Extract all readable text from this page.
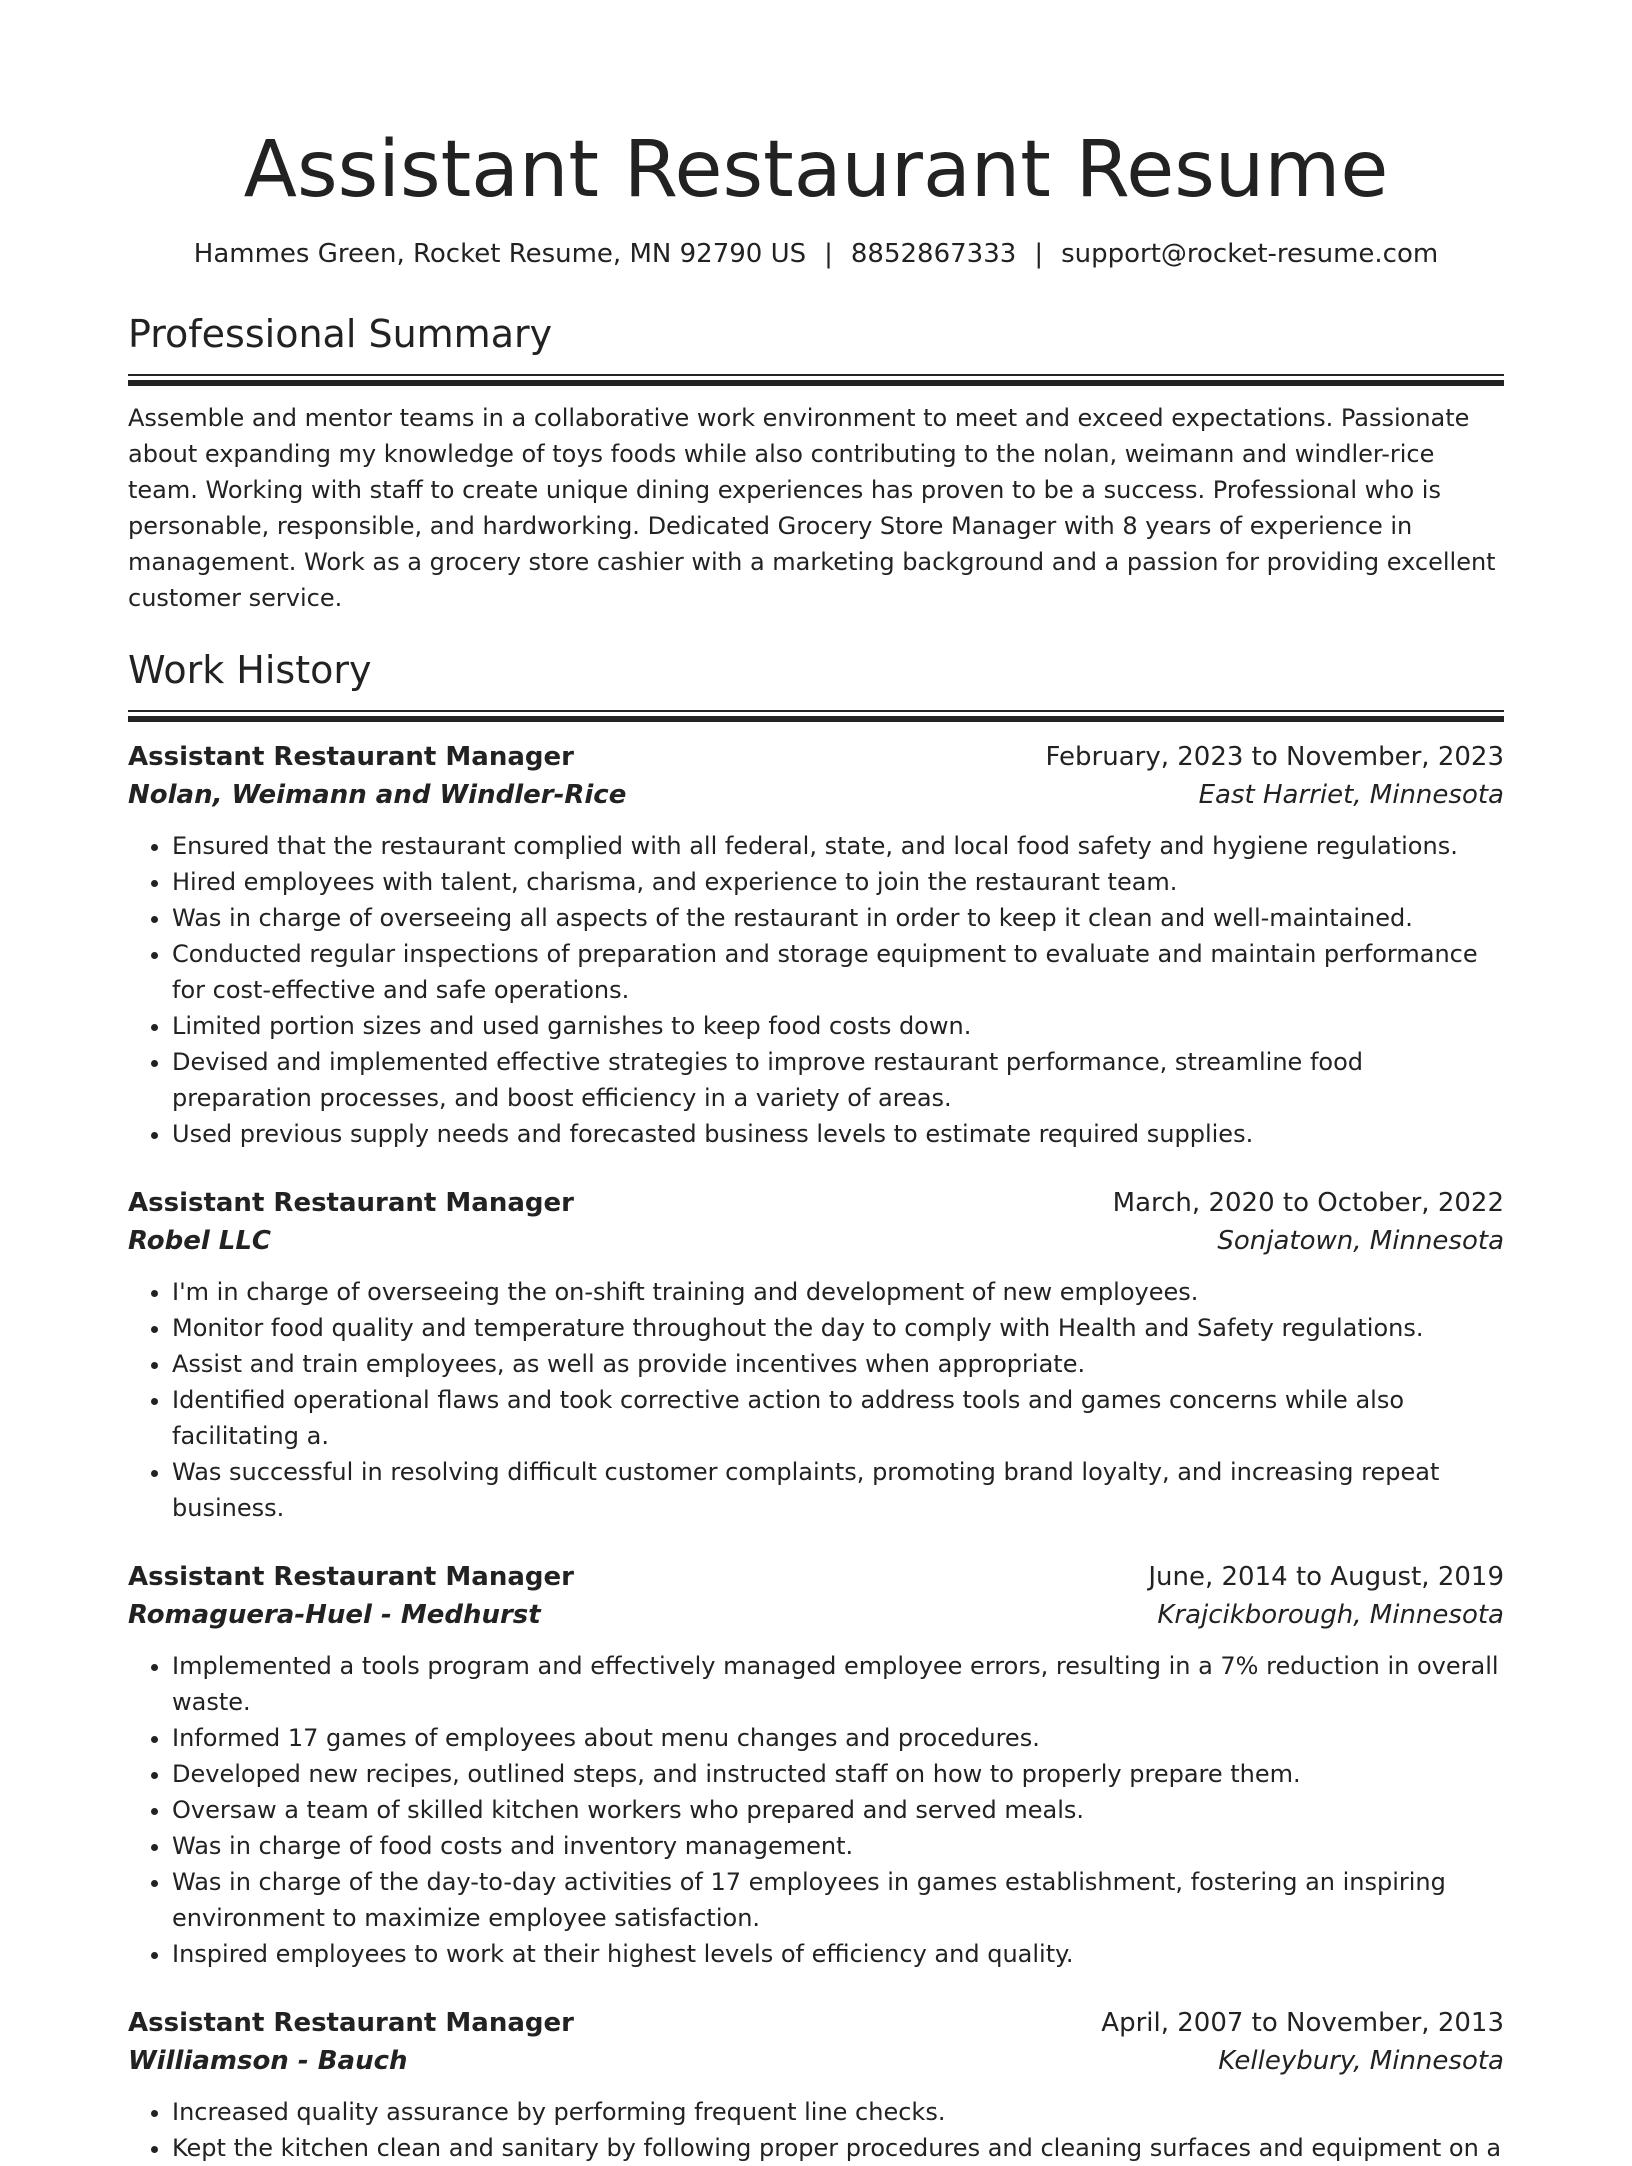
Assistant Restaurant Resume
Hammes Green, Rocket Resume, MN 92790 US | 8852867333 | support@rocket-resume.com
Professional Summary

Assemble and mentor teams in a collaborative work environment to meet and exceed expectations. Passionate about expanding my knowledge of toys foods while also contributing to the nolan, weimann and windler-rice team. Working with staff to create unique dining experiences has proven to be a success. Professional who is personable, responsible, and hardworking. Dedicated Grocery Store Manager with 8 years of experience in management. Work as a grocery store cashier with a marketing background and a passion for providing excellent customer service.

Work History
Assistant Restaurant Manager	February, 2023 to November, 2023
Nolan, Weimann and Windler-Rice	East Harriet, Minnesota
• Ensured that the restaurant complied with all federal, state, and local food safety and hygiene regulations.
• Hired employees with talent, charisma, and experience to join the restaurant team.
• Was in charge of overseeing all aspects of the restaurant in order to keep it clean and well-maintained.
• Conducted regular inspections of preparation and storage equipment to evaluate and maintain performance for cost-effective and safe operations.
• Limited portion sizes and used garnishes to keep food costs down.
• Devised and implemented effective strategies to improve restaurant performance, streamline food preparation processes, and boost efficiency in a variety of areas.
• Used previous supply needs and forecasted business levels to estimate required supplies.
Assistant Restaurant Manager	March, 2020 to October, 2022
Robel LLC	Sonjatown, Minnesota
• I'm in charge of overseeing the on-shift training and development of new employees.
• Monitor food quality and temperature throughout the day to comply with Health and Safety regulations.
• Assist and train employees, as well as provide incentives when appropriate.
• Identified operational flaws and took corrective action to address tools and games concerns while also facilitating a.
• Was successful in resolving difficult customer complaints, promoting brand loyalty, and increasing repeat business.
Assistant Restaurant Manager	June, 2014 to August, 2019
Romaguera-Huel - Medhurst	Krajcikborough, Minnesota
• Implemented a tools program and effectively managed employee errors, resulting in a 7% reduction in overall waste.
• Informed 17 games of employees about menu changes and procedures.
• Developed new recipes, outlined steps, and instructed staff on how to properly prepare them.
• Oversaw a team of skilled kitchen workers who prepared and served meals.
• Was in charge of food costs and inventory management.
• Was in charge of the day-to-day activities of 17 employees in games establishment, fostering an inspiring environment to maximize employee satisfaction.
• Inspired employees to work at their highest levels of efficiency and quality.
Assistant Restaurant Manager	April, 2007 to November, 2013
Williamson - Bauch	Kelleybury, Minnesota
• Increased quality assurance by performing frequent line checks.
• Kept the kitchen clean and sanitary by following proper procedures and cleaning surfaces and equipment on a
